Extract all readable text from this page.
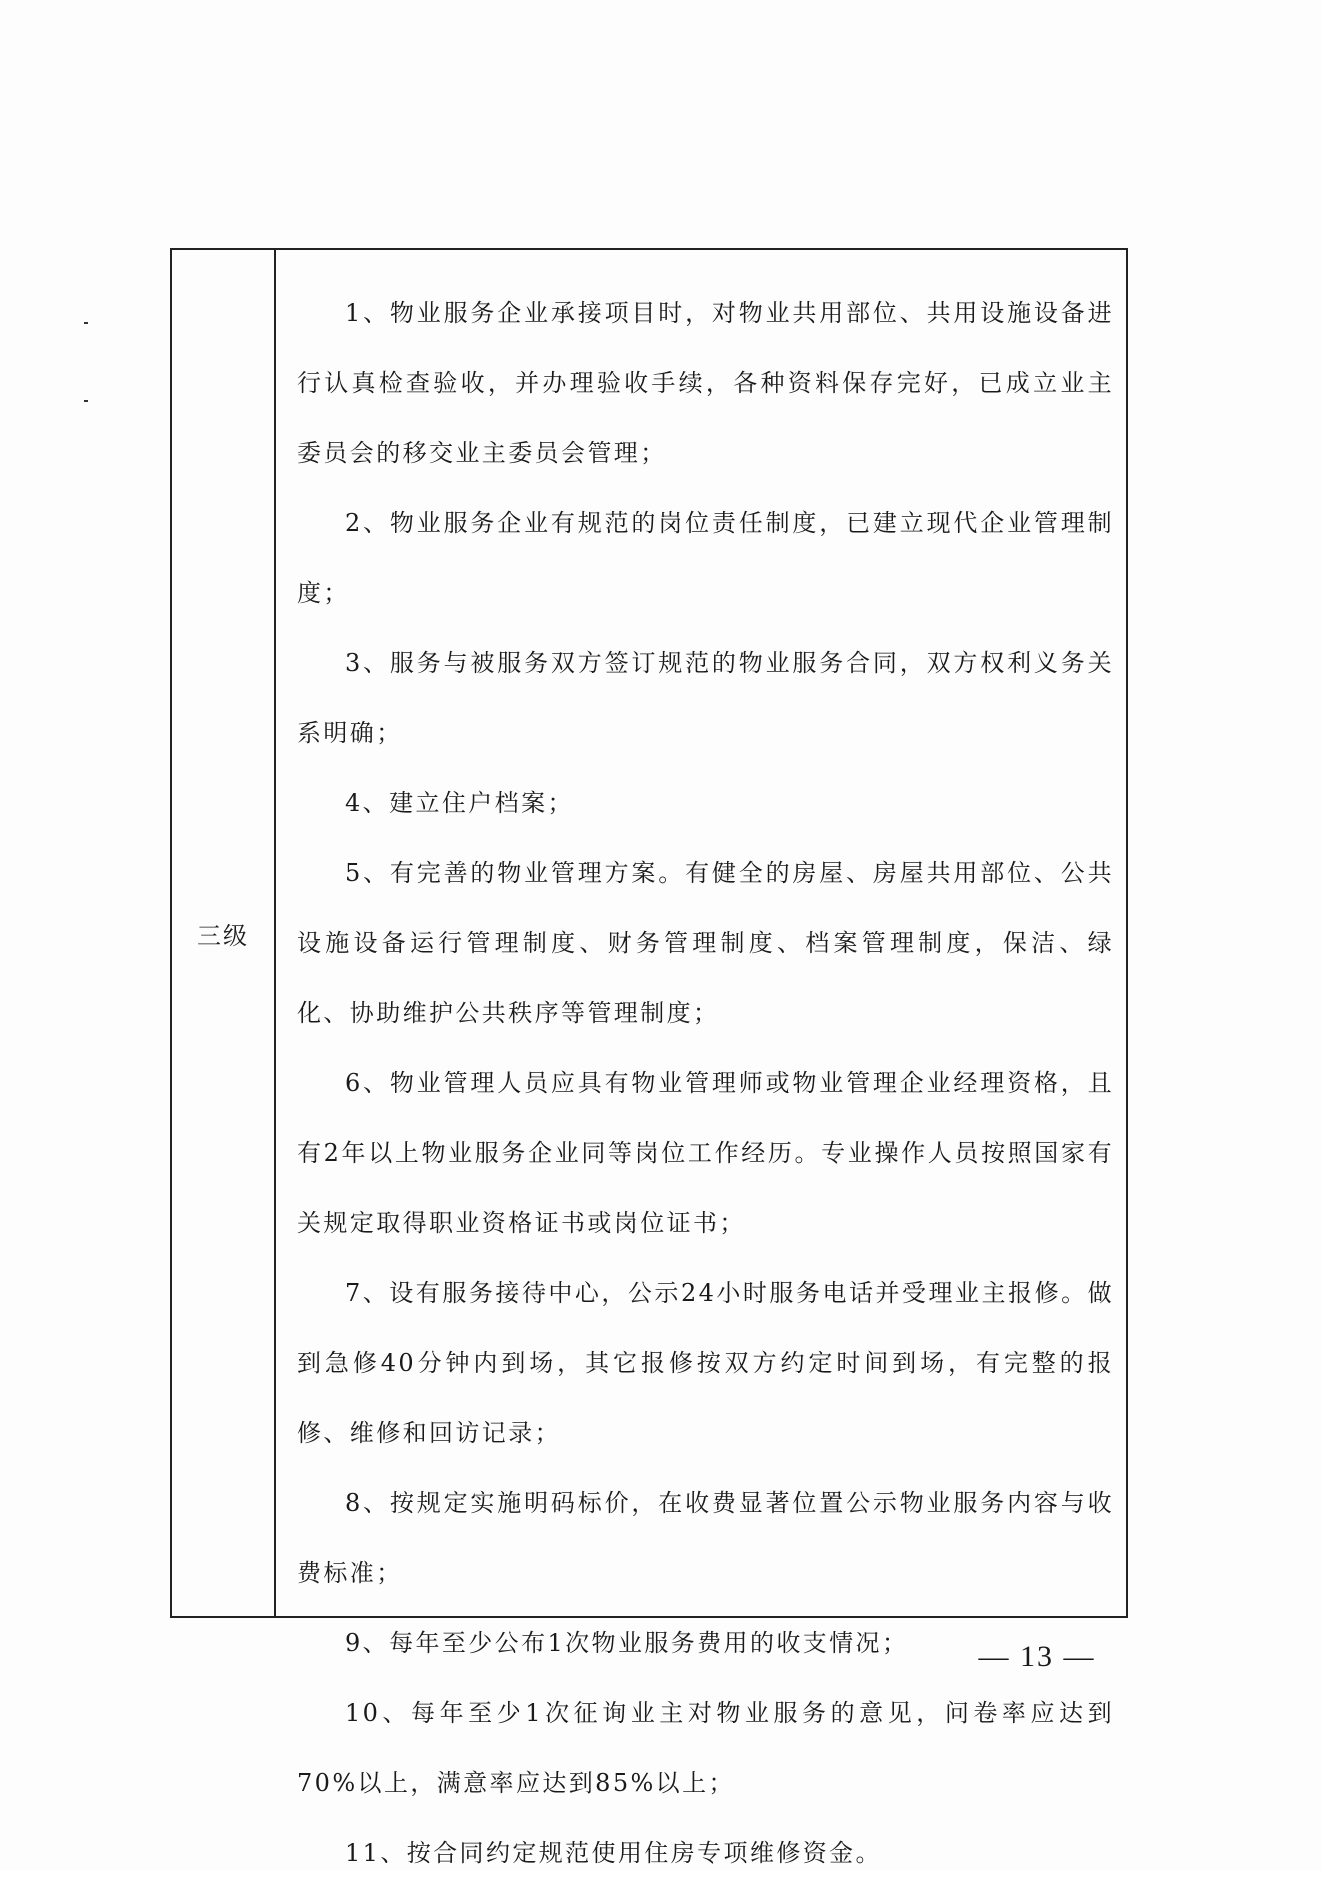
三级

1、物业服务企业承接项目时，对物业共用部位、共用设施设备进行认真检查验收，并办理验收手续，各种资料保存完好，已成立业主委员会的移交业主委员会管理；

2、物业服务企业有规范的岗位责任制度，已建立现代企业管理制度；

3、服务与被服务双方签订规范的物业服务合同，双方权利义务关系明确；

4、建立住户档案；

5、有完善的物业管理方案。有健全的房屋、房屋共用部位、公共设施设备运行管理制度、财务管理制度、档案管理制度，保洁、绿化、协助维护公共秩序等管理制度；

6、物业管理人员应具有物业管理师或物业管理企业经理资格，且有2年以上物业服务企业同等岗位工作经历。专业操作人员按照国家有关规定取得职业资格证书或岗位证书；

7、设有服务接待中心，公示24小时服务电话并受理业主报修。做到急修40分钟内到场，其它报修按双方约定时间到场，有完整的报修、维修和回访记录；

8、按规定实施明码标价，在收费显著位置公示物业服务内容与收费标准；

9、每年至少公布1次物业服务费用的收支情况；

10、每年至少1次征询业主对物业服务的意见，问卷率应达到70%以上，满意率应达到85%以上；

11、按合同约定规范使用住房专项维修资金。

— 13 —
